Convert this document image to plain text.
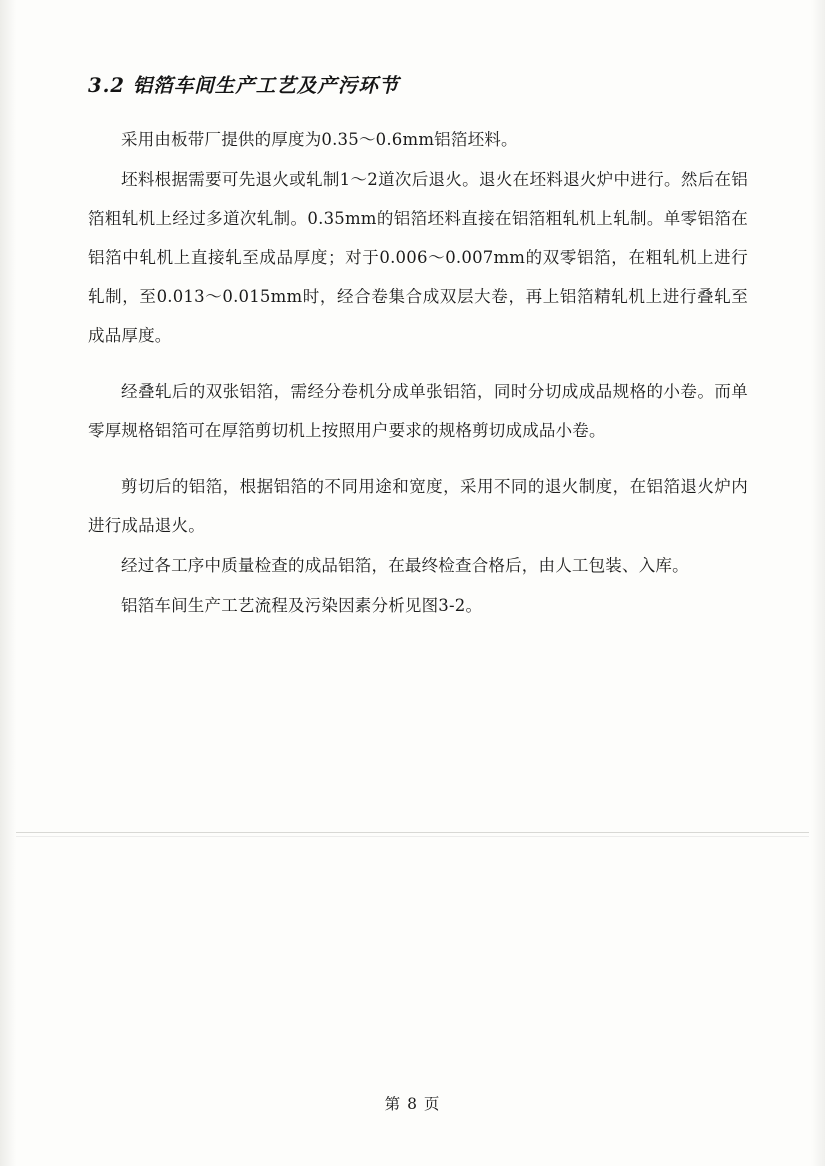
3.2 铝箔车间生产工艺及产污环节

采用由板带厂提供的厚度为0.35～0.6mm铝箔坯料。

坯料根据需要可先退火或轧制1～2道次后退火。退火在坯料退火炉中进行。然后在铝箔粗轧机上经过多道次轧制。0.35mm的铝箔坯料直接在铝箔粗轧机上轧制。单零铝箔在铝箔中轧机上直接轧至成品厚度；对于0.006～0.007mm的双零铝箔，在粗轧机上进行轧制，至0.013～0.015mm时，经合卷集合成双层大卷，再上铝箔精轧机上进行叠轧至成品厚度。

经叠轧后的双张铝箔，需经分卷机分成单张铝箔，同时分切成成品规格的小卷。而单零厚规格铝箔可在厚箔剪切机上按照用户要求的规格剪切成成品小卷。

剪切后的铝箔，根据铝箔的不同用途和宽度，采用不同的退火制度，在铝箔退火炉内进行成品退火。

经过各工序中质量检查的成品铝箔，在最终检查合格后，由人工包装、入库。

铝箔车间生产工艺流程及污染因素分析见图3-2。

第 8 页
